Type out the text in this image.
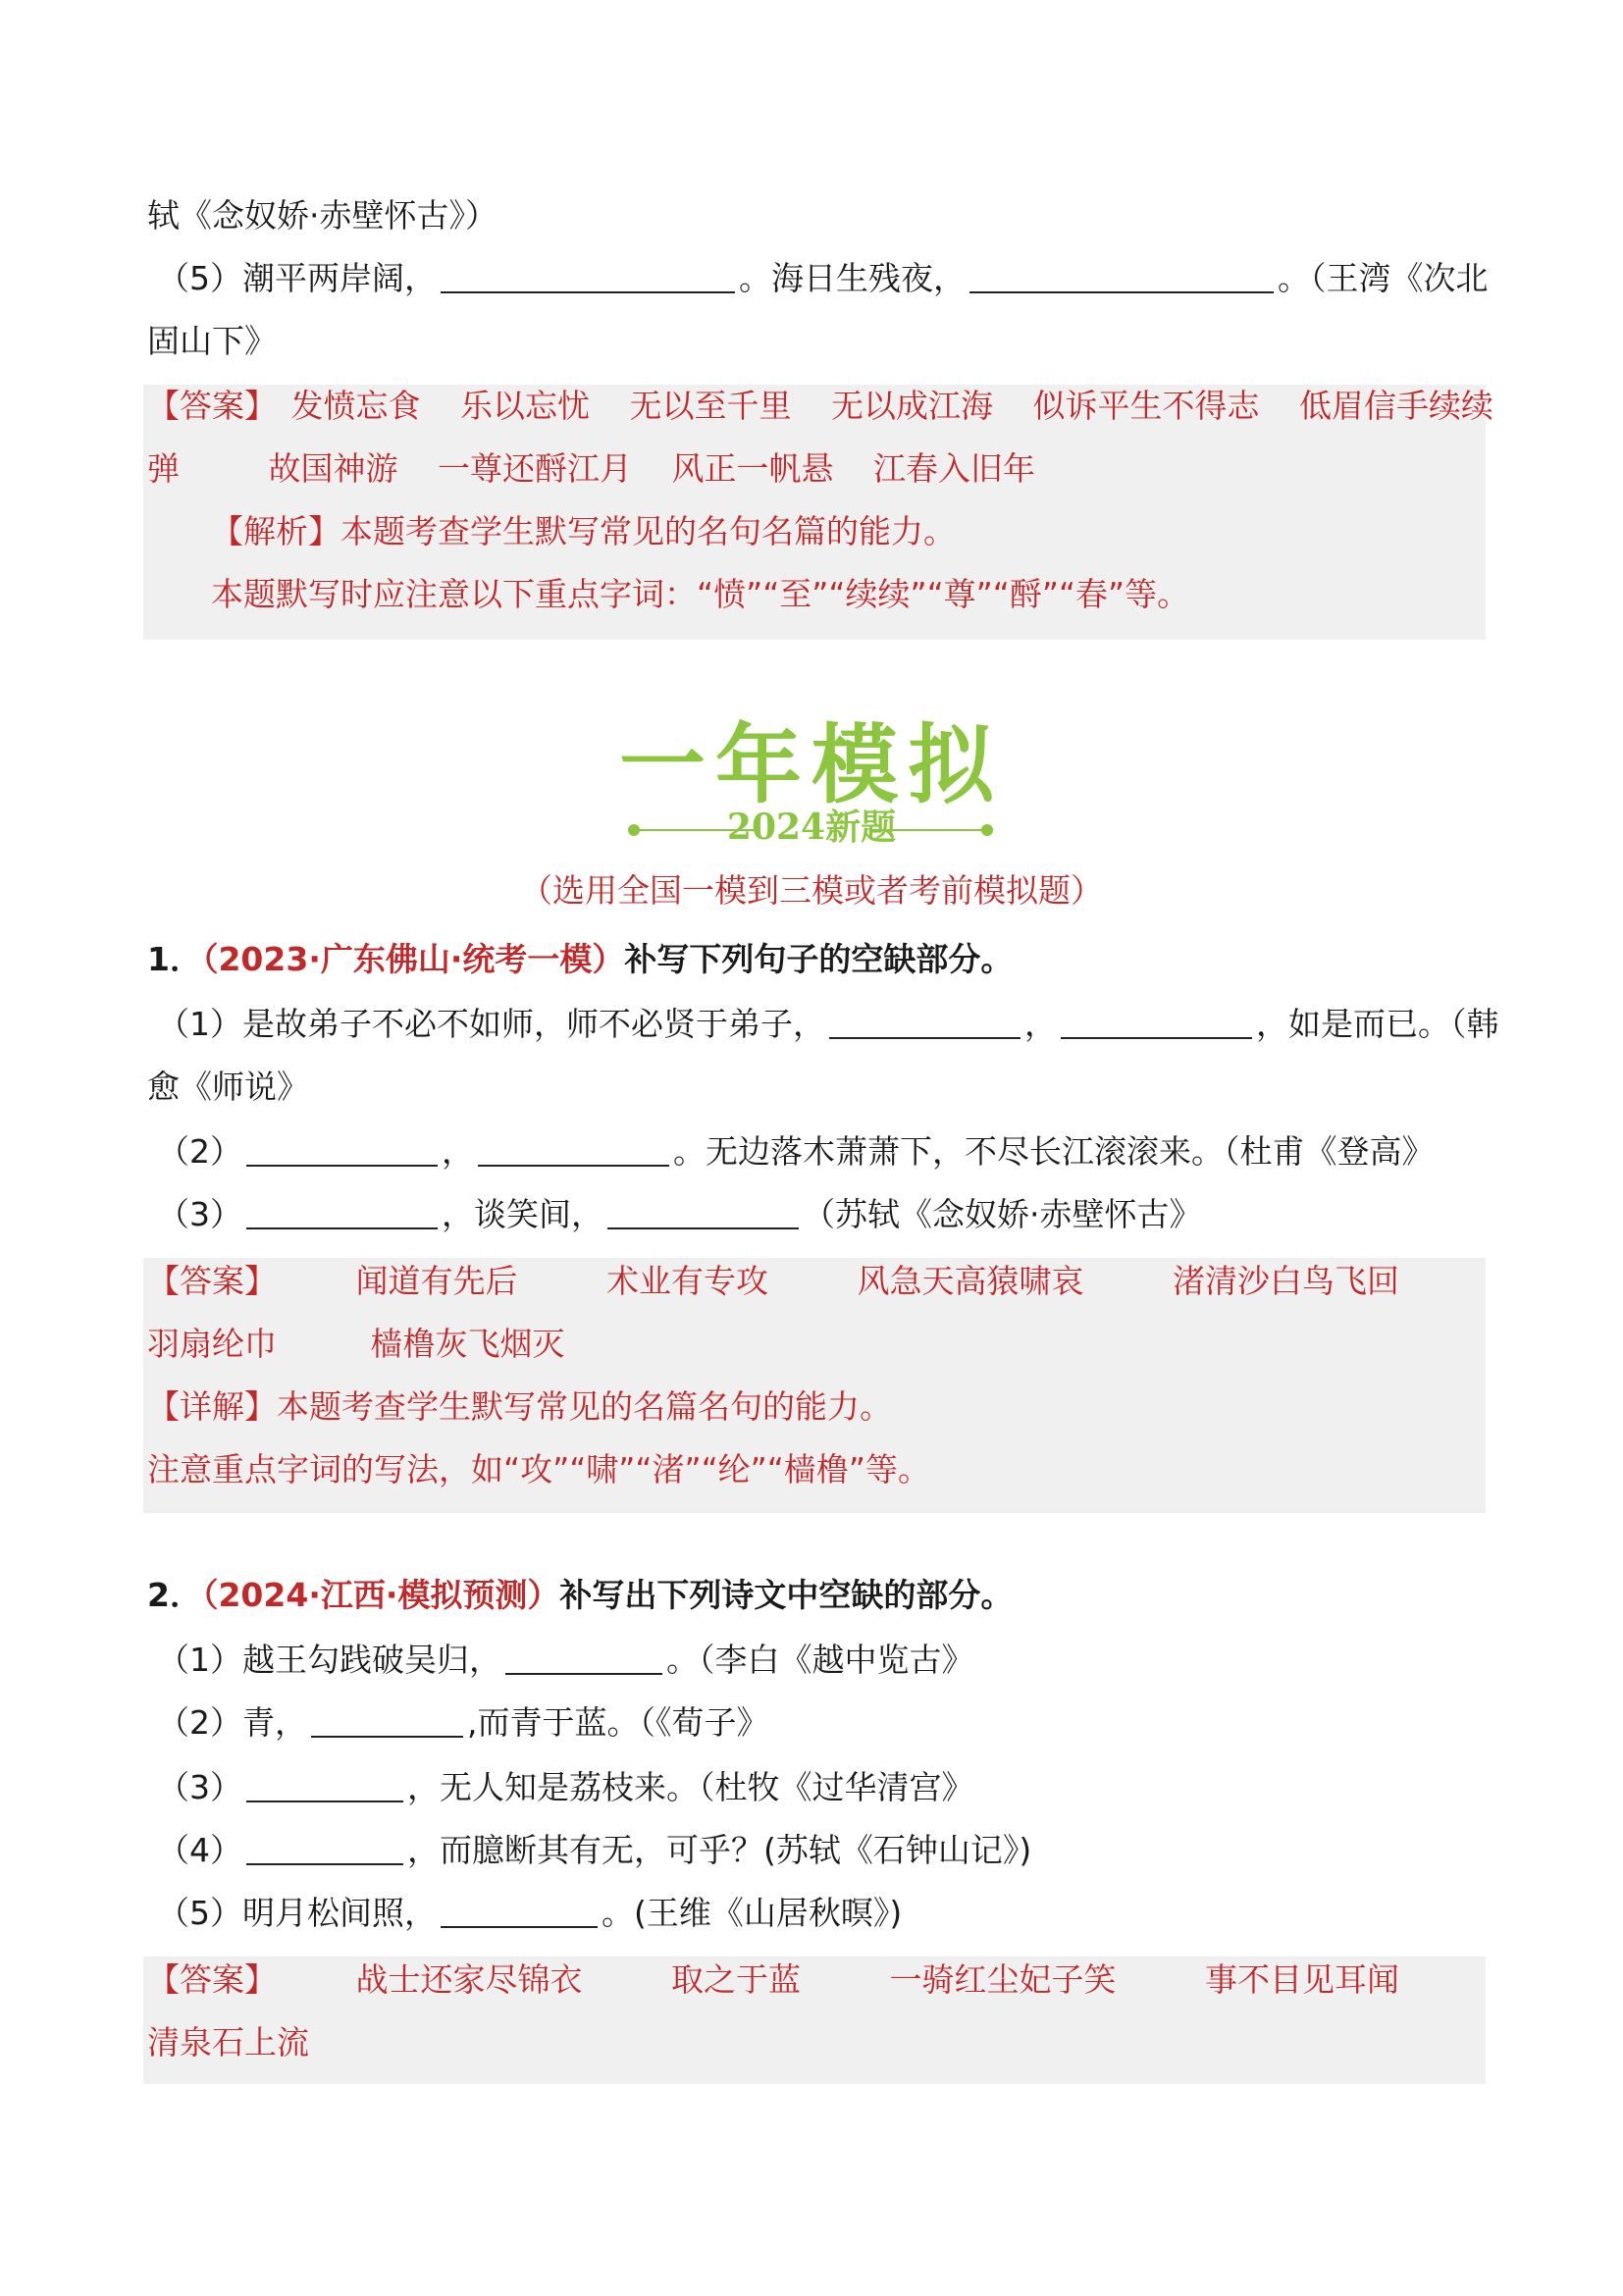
轼《念奴娇·赤壁怀古》）
（5）潮平两岸阔，	。海日生残夜，	。（王湾《次北
固山下》
【答案】 发愤忘食 乐以忘忧 无以至千里 无以成江海 似诉平生不得志 低眉信手续续
弹	故国神游 一尊还酹江月 风正一帆悬 江春入旧年
【解析】本题考查学生默写常见的名句名篇的能力。
本题默写时应注意以下重点字词：“愤”“至”“续续”“尊”“酹”“春”等。
一年模拟
2024新题
（选用全国一模到三模或者考前模拟题）
1．（2023·广东佛山·统考一模）补写下列句子的空缺部分。
（1）是故弟子不必不如师，师不必贤于弟子，	，	，如是而已。（韩
愈《师说》
（2）	，	。无边落木萧萧下，不尽长江滚滚来。（杜甫《登高》
（3）	，谈笑间，	（苏轼《念奴娇·赤壁怀古》
【答案】 闻道有先后	术业有专攻	风急天高猿啸哀	渚清沙白鸟飞回
羽扇纶巾	樯橹灰飞烟灭
【详解】本题考查学生默写常见的名篇名句的能力。
注意重点字词的写法，如“攻”“啸”“渚”“纶”“樯橹”等。
2．（2024·江西·模拟预测）补写出下列诗文中空缺的部分。
（1）越王勾践破吴归，	。（李白《越中览古》
（2）青，	,而青于蓝。（《荀子》
（3）	，无人知是荔枝来。（杜牧《过华清宫》
（4）	，而臆断其有无，可乎？(苏轼《石钟山记》)
（5）明月松间照，	。(王维《山居秋暝》)
【答案】 战士还家尽锦衣	取之于蓝	一骑红尘妃子笑	事不目见耳闻
清泉石上流
